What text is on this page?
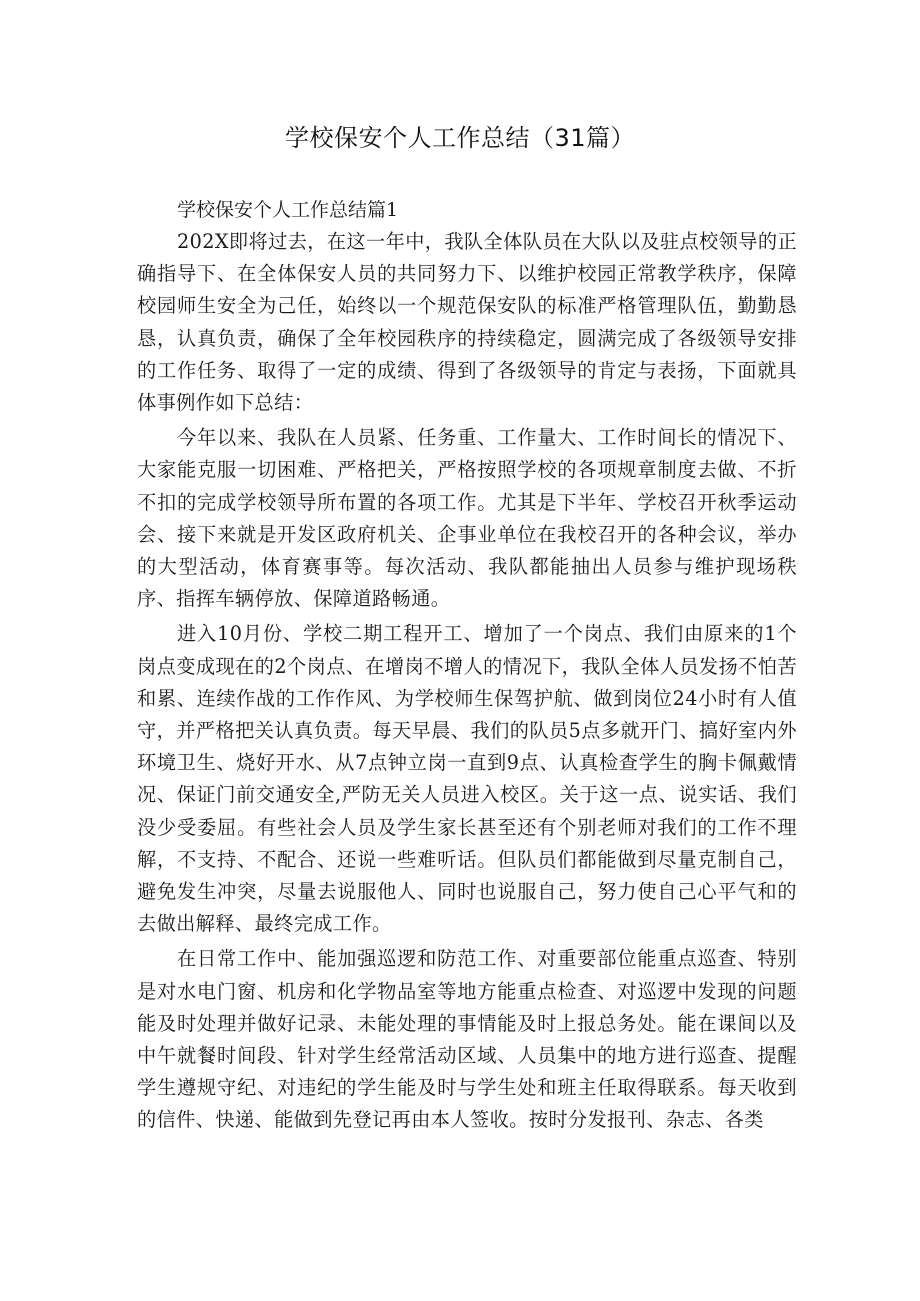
学校保安个人工作总结（31篇）

学校保安个人工作总结篇1

202X即将过去，在这一年中，我队全体队员在大队以及驻点校领导的正确指导下、在全体保安人员的共同努力下、以维护校园正常教学秩序，保障校园师生安全为己任，始终以一个规范保安队的标准严格管理队伍，勤勤恳恳，认真负责，确保了全年校园秩序的持续稳定，圆满完成了各级领导安排的工作任务、取得了一定的成绩、得到了各级领导的肯定与表扬，下面就具体事例作如下总结：

今年以来、我队在人员紧、任务重、工作量大、工作时间长的情况下、大家能克服一切困难、严格把关，严格按照学校的各项规章制度去做、不折不扣的完成学校领导所布置的各项工作。尤其是下半年、学校召开秋季运动会、接下来就是开发区政府机关、企事业单位在我校召开的各种会议，举办的大型活动，体育赛事等。每次活动、我队都能抽出人员参与维护现场秩序、指挥车辆停放、保障道路畅通。

进入10月份、学校二期工程开工、增加了一个岗点、我们由原来的1个岗点变成现在的2个岗点、在增岗不增人的情况下，我队全体人员发扬不怕苦和累、连续作战的工作作风、为学校师生保驾护航、做到岗位24小时有人值守，并严格把关认真负责。每天早晨、我们的队员5点多就开门、搞好室内外环境卫生、烧好开水、从7点钟立岗一直到9点、认真检查学生的胸卡佩戴情况、保证门前交通安全,严防无关人员进入校区。关于这一点、说实话、我们没少受委屈。有些社会人员及学生家长甚至还有个别老师对我们的工作不理解，不支持、不配合、还说一些难听话。但队员们都能做到尽量克制自己，避免发生冲突，尽量去说服他人、同时也说服自己，努力使自己心平气和的去做出解释、最终完成工作。

在日常工作中、能加强巡逻和防范工作、对重要部位能重点巡查、特别是对水电门窗、机房和化学物品室等地方能重点检查、对巡逻中发现的问题能及时处理并做好记录、未能处理的事情能及时上报总务处。能在课间以及中午就餐时间段、针对学生经常活动区域、人员集中的地方进行巡查、提醒学生遵规守纪、对违纪的学生能及时与学生处和班主任取得联系。每天收到的信件、快递、能做到先登记再由本人签收。按时分发报刊、杂志、各类
